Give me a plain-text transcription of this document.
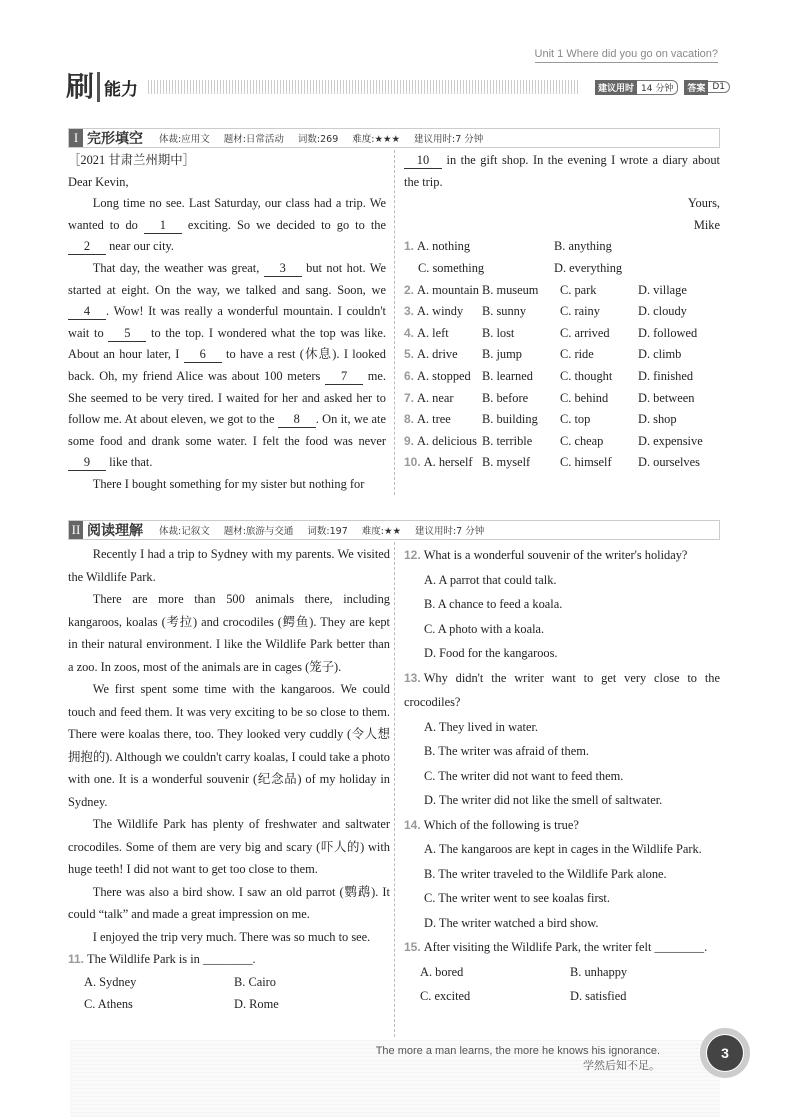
Unit 1 Where did you go on vacation?
刷 能力	建议用时 14 分钟	答案 D1
I 完形填空 体裁:应用文 题材:日常活动 词数:269 难度:★★★ 建议用时:7 分钟

［2021 甘肃兰州期中］

Dear Kevin,

Long time no see. Last Saturday, our class had a trip. We wanted to do 1 exciting. So we decided to go to the 2 near our city.

That day, the weather was great, 3 but not hot. We started at eight. On the way, we talked and sang. Soon, we 4 . Wow! It was really a wonderful mountain. I couldn't wait to 5 to the top. I wondered what the top was like. About an hour later, I 6 to have a rest (休息). I looked back. Oh, my friend Alice was about 100 meters 7 me. She seemed to be very tired. I waited for her and asked her to follow me. At about eleven, we got to the 8 . On it, we ate some food and drank some water. I felt the food was never 9 like that.

There I bought something for my sister but nothing for

10 in the gift shop. In the evening I wrote a diary about the trip.

Yours,
Mike
1. A. nothing	B. anything
C. something	D. everything
2. A. mountain B. museum	C. park	D. village
3. A. windy	B. sunny	C. rainy	D. cloudy
4. A. left	B. lost	C. arrived	D. followed
5. A. drive	B. jump	C. ride	D. climb
6. A. stopped B. learned	C. thought	D. finished
7. A. near	B. before	C. behind	D. between
8. A. tree	B. building	C. top	D. shop
9. A. delicious B. terrible	C. cheap	D. expensive
10. A. herself B. myself	C. himself	D. ourselves
II 阅读理解 体裁:记叙文 题材:旅游与交通 词数:197 难度:★★ 建议用时:7 分钟

Recently I had a trip to Sydney with my parents. We visited the Wildlife Park.

There are more than 500 animals there, including kangaroos, koalas (考拉) and crocodiles (鳄鱼). They are kept in their natural environment. I like the Wildlife Park better than a zoo. In zoos, most of the animals are in cages (笼子).

We first spent some time with the kangaroos. We could touch and feed them. It was very exciting to be so close to them. There were koalas there, too. They looked very cuddly (令人想拥抱的). Although we couldn't carry koalas, I could take a photo with one. It is a wonderful souvenir (纪念品) of my holiday in Sydney.

The Wildlife Park has plenty of freshwater and saltwater crocodiles. Some of them are very big and scary (吓人的) with huge teeth! I did not want to get too close to them.

There was also a bird show. I saw an old parrot (鹦鹉). It could “talk” and made a great impression on me.

I enjoyed the trip very much. There was so much to see.

11. The Wildlife Park is in ________.
A. Sydney	B. Cairo
C. Athens	D. Rome
12. What is a wonderful souvenir of the writer's holiday?
A. A parrot that could talk.
B. A chance to feed a koala.
C. A photo with a koala.
D. Food for the kangaroos.
13. Why didn't the writer want to get very close to the crocodiles?
A. They lived in water.
B. The writer was afraid of them.
C. The writer did not want to feed them.
D. The writer did not like the smell of saltwater.
14. Which of the following is true?
A. The kangaroos are kept in cages in the Wildlife Park.
B. The writer traveled to the Wildlife Park alone.
C. The writer went to see koalas first.
D. The writer watched a bird show.
15. After visiting the Wildlife Park, the writer felt ________.
A. bored	B. unhappy
C. excited	D. satisfied
The more a man learns, the more he knows his ignorance.
学然后知不足。
3
